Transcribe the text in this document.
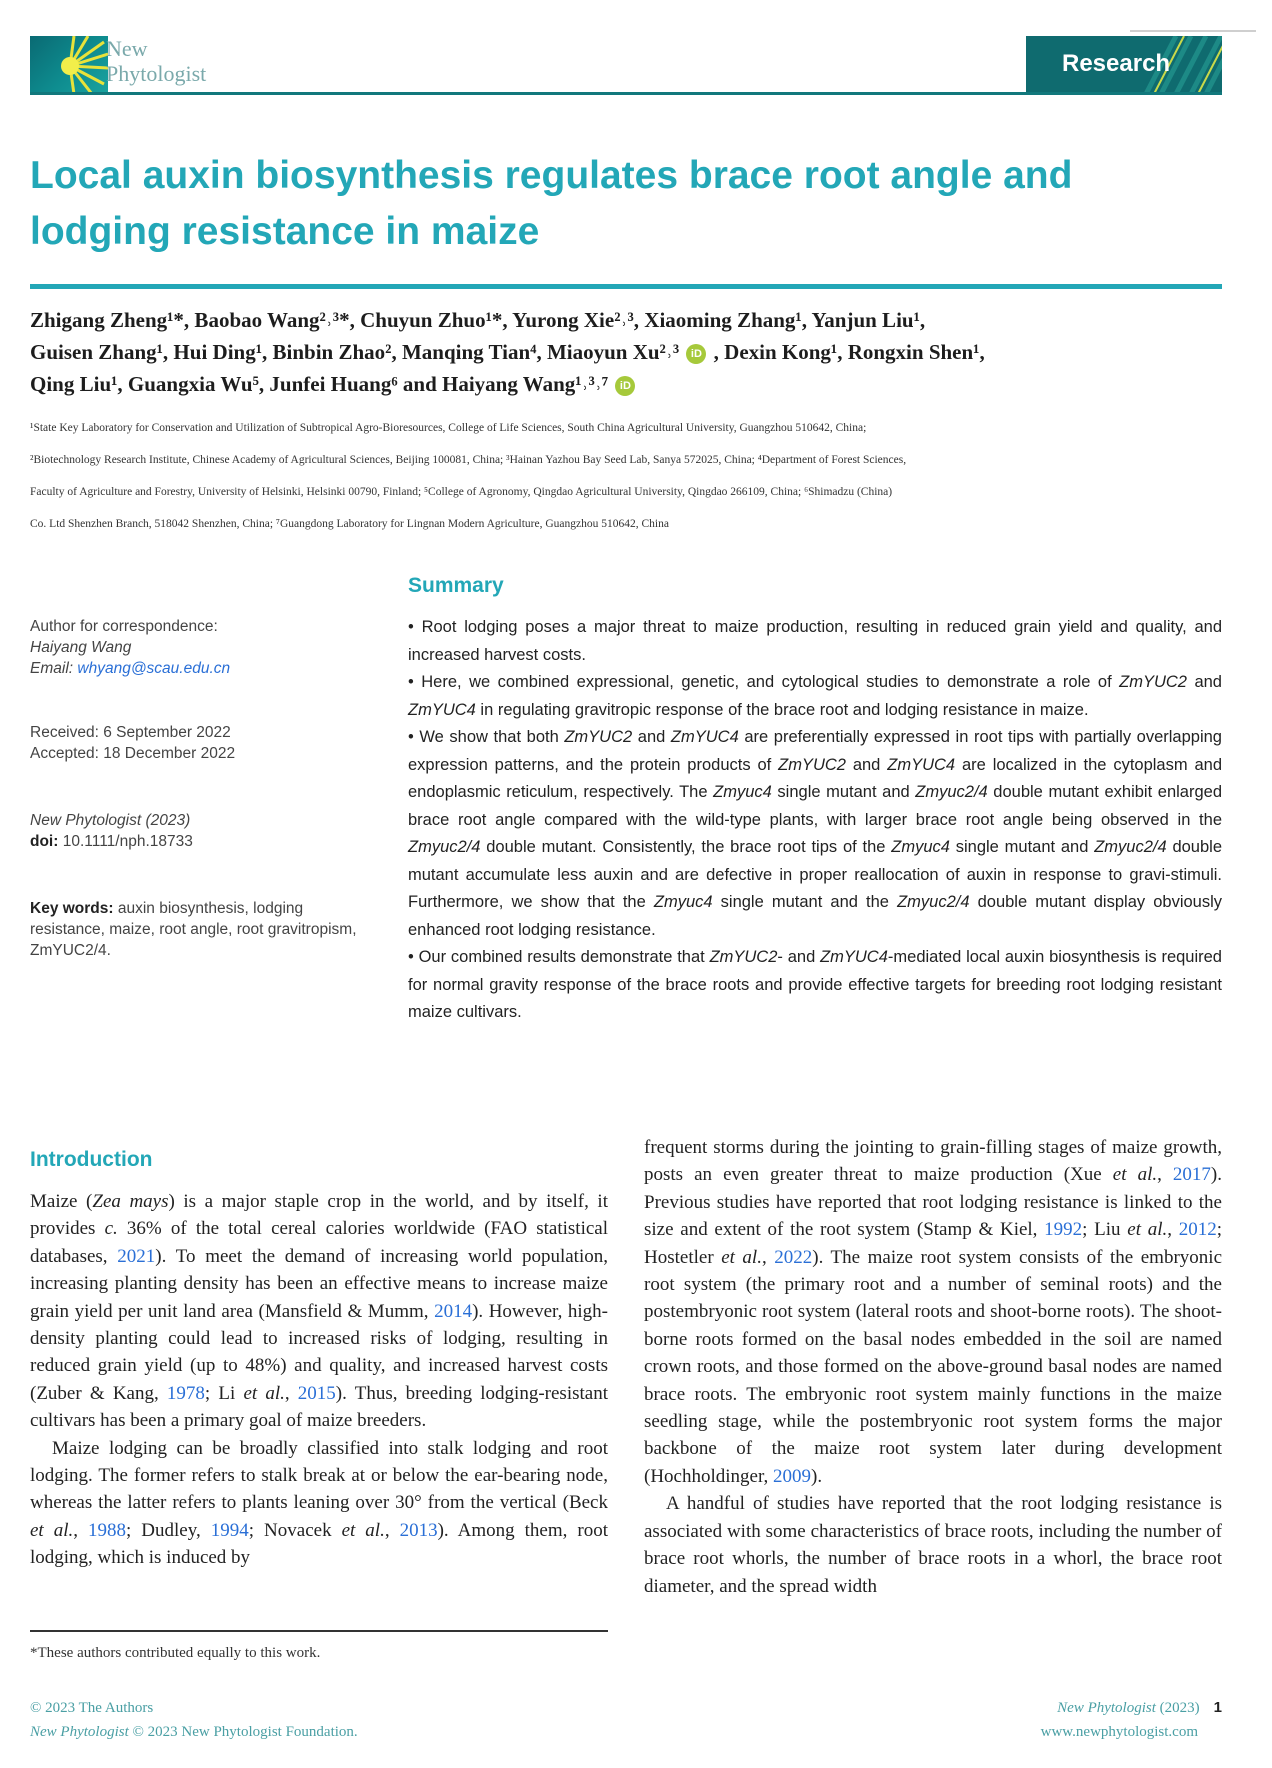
New
Phytologist	Research
Local auxin biosynthesis regulates brace root angle and lodging resistance in maize
Zhigang Zheng¹*, Baobao Wang²˒³*, Chuyun Zhuo¹*, Yurong Xie²˒³, Xiaoming Zhang¹, Yanjun Liu¹,
Guisen Zhang¹, Hui Ding¹, Binbin Zhao², Manqing Tian⁴, Miaoyun Xu²˒³ iD , Dexin Kong¹, Rongxin Shen¹,
Qing Liu¹, Guangxia Wu⁵, Junfei Huang⁶ and Haiyang Wang¹˒³˒⁷ iD
¹State Key Laboratory for Conservation and Utilization of Subtropical Agro-Bioresources, College of Life Sciences, South China Agricultural University, Guangzhou 510642, China;
²Biotechnology Research Institute, Chinese Academy of Agricultural Sciences, Beijing 100081, China; ³Hainan Yazhou Bay Seed Lab, Sanya 572025, China; ⁴Department of Forest Sciences,
Faculty of Agriculture and Forestry, University of Helsinki, Helsinki 00790, Finland; ⁵College of Agronomy, Qingdao Agricultural University, Qingdao 266109, China; ⁶Shimadzu (China)
Co. Ltd Shenzhen Branch, 518042 Shenzhen, China; ⁷Guangdong Laboratory for Lingnan Modern Agriculture, Guangzhou 510642, China
Author for correspondence:
Haiyang Wang
Email: whyang@scau.edu.cn
Received: 6 September 2022
Accepted: 18 December 2022
New Phytologist (2023)
doi: 10.1111/nph.18733
Key words: auxin biosynthesis, lodging resistance, maize, root angle, root gravitropism, ZmYUC2/4.
Summary

• Root lodging poses a major threat to maize production, resulting in reduced grain yield and quality, and increased harvest costs.

• Here, we combined expressional, genetic, and cytological studies to demonstrate a role of ZmYUC2 and ZmYUC4 in regulating gravitropic response of the brace root and lodging resistance in maize.

• We show that both ZmYUC2 and ZmYUC4 are preferentially expressed in root tips with partially overlapping expression patterns, and the protein products of ZmYUC2 and ZmYUC4 are localized in the cytoplasm and endoplasmic reticulum, respectively. The Zmyuc4 single mutant and Zmyuc2/4 double mutant exhibit enlarged brace root angle compared with the wild-type plants, with larger brace root angle being observed in the Zmyuc2/4 double mutant. Consistently, the brace root tips of the Zmyuc4 single mutant and Zmyuc2/4 double mutant accumulate less auxin and are defective in proper reallocation of auxin in response to gravi-stimuli. Furthermore, we show that the Zmyuc4 single mutant and the Zmyuc2/4 double mutant display obviously enhanced root lodging resistance.

• Our combined results demonstrate that ZmYUC2- and ZmYUC4-mediated local auxin biosynthesis is required for normal gravity response of the brace roots and provide effective targets for breeding root lodging resistant maize cultivars.

Introduction

Maize (Zea mays) is a major staple crop in the world, and by itself, it provides c. 36% of the total cereal calories worldwide (FAO statistical databases, 2021). To meet the demand of increasing world population, increasing planting density has been an effective means to increase maize grain yield per unit land area (Mansfield & Mumm, 2014). However, high-density planting could lead to increased risks of lodging, resulting in reduced grain yield (up to 48%) and quality, and increased harvest costs (Zuber & Kang, 1978; Li et al., 2015). Thus, breeding lodging-resistant cultivars has been a primary goal of maize breeders.

Maize lodging can be broadly classified into stalk lodging and root lodging. The former refers to stalk break at or below the ear-bearing node, whereas the latter refers to plants leaning over 30° from the vertical (Beck et al., 1988; Dudley, 1994; Novacek et al., 2013). Among them, root lodging, which is induced by

frequent storms during the jointing to grain-filling stages of maize growth, posts an even greater threat to maize production (Xue et al., 2017). Previous studies have reported that root lodging resistance is linked to the size and extent of the root system (Stamp & Kiel, 1992; Liu et al., 2012; Hostetler et al., 2022). The maize root system consists of the embryonic root system (the primary root and a number of seminal roots) and the postembryonic root system (lateral roots and shoot-borne roots). The shoot-borne roots formed on the basal nodes embedded in the soil are named crown roots, and those formed on the above-ground basal nodes are named brace roots. The embryonic root system mainly functions in the maize seedling stage, while the postembryonic root system forms the major backbone of the maize root system later during development (Hochholdinger, 2009).

A handful of studies have reported that the root lodging resistance is associated with some characteristics of brace roots, including the number of brace root whorls, the number of brace roots in a whorl, the brace root diameter, and the spread width

*These authors contributed equally to this work.
© 2023 The Authors
New Phytologist © 2023 New Phytologist Foundation.
New Phytologist (2023) 1
www.newphytologist.com
